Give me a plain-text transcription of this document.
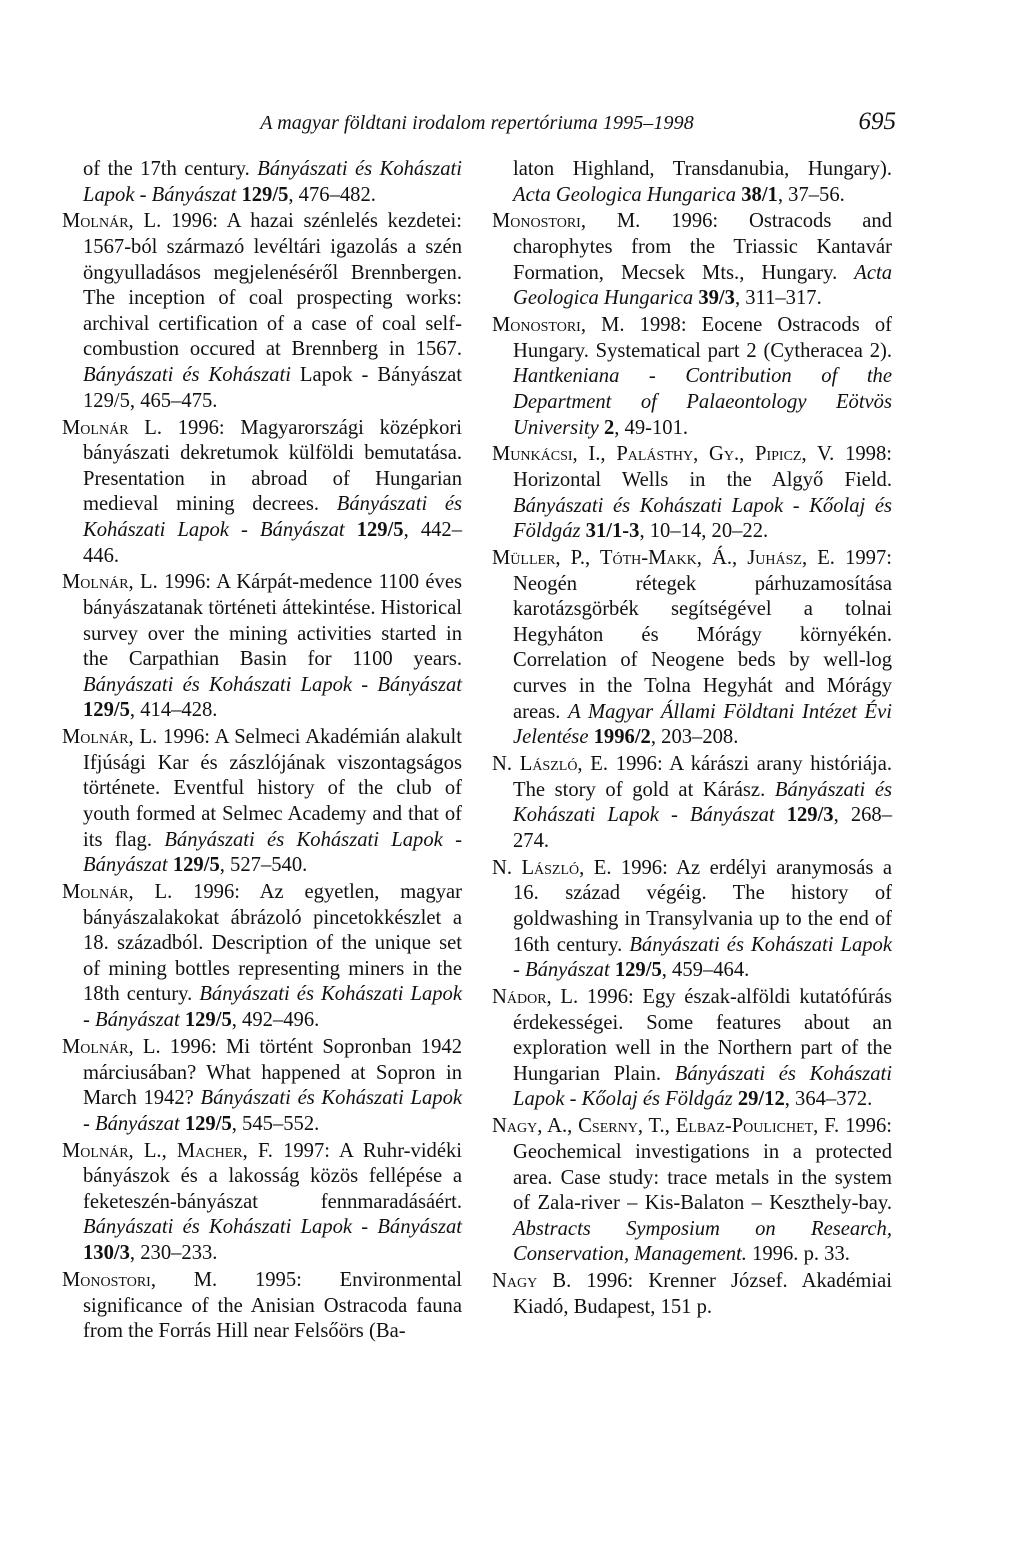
A magyar földtani irodalom repertóriuma 1995–1998	695

of the 17th century. Bányászati és Kohászati Lapok - Bányászat 129/5, 476–482.

Molnár, L. 1996: A hazai szénlelés kezdetei: 1567-ból származó levéltári igazolás a szén öngyulladásos megjelenéséről Brennbergen. The inception of coal prospecting works: archival certification of a case of coal self-combustion occured at Brennberg in 1567. Bányászati és Kohászati Lapok - Bányászat 129/5, 465–475.

Molnár L. 1996: Magyarországi középkori bányászati dekretumok külföldi bemutatása. Presentation in abroad of Hungarian medieval mining decrees. Bányászati és Kohászati Lapok - Bányászat 129/5, 442–446.

Molnár, L. 1996: A Kárpát-medence 1100 éves bányászatanak történeti áttekintése. Historical survey over the mining activities started in the Carpathian Basin for 1100 years. Bányászati és Kohászati Lapok - Bányászat 129/5, 414–428.

Molnár, L. 1996: A Selmeci Akadémián alakult Ifjúsági Kar és zászlójának viszontagságos története. Eventful history of the club of youth formed at Selmec Academy and that of its flag. Bányászati és Kohászati Lapok - Bányászat 129/5, 527–540.

Molnár, L. 1996: Az egyetlen, magyar bányászalakokat ábrázoló pincetokkészlet a 18. századból. Description of the unique set of mining bottles representing miners in the 18th century. Bányászati és Kohászati Lapok - Bányászat 129/5, 492–496.

Molnár, L. 1996: Mi történt Sopronban 1942 márciusában? What happened at Sopron in March 1942? Bányászati és Kohászati Lapok - Bányászat 129/5, 545–552.

Molnár, L., Macher, F. 1997: A Ruhr-vidéki bányászok és a lakosság közös fellépése a feketeszén-bányászat fennmaradásáért. Bányászati és Kohászati Lapok - Bányászat 130/3, 230–233.

Monostori, M. 1995: Environmental significance of the Anisian Ostracoda fauna from the Forrás Hill near Felsőörs (Ba-

laton Highland, Transdanubia, Hungary). Acta Geologica Hungarica 38/1, 37–56.

Monostori, M. 1996: Ostracods and charophytes from the Triassic Kantavár Formation, Mecsek Mts., Hungary. Acta Geologica Hungarica 39/3, 311–317.

Monostori, M. 1998: Eocene Ostracods of Hungary. Systematical part 2 (Cytheracea 2). Hantkeniana - Contribution of the Department of Palaeontology Eötvös University 2, 49-101.

Munkácsi, I., Palásthy, Gy., Pipicz, V. 1998: Horizontal Wells in the Algyő Field. Bányászati és Kohászati Lapok - Kőolaj és Földgáz 31/1-3, 10–14, 20–22.

Müller, P., Tóth-Makk, Á., Juhász, E. 1997: Neogén rétegek párhuzamosítása karotázsgörbék segítségével a tolnai Hegyháton és Mórágy környékén. Correlation of Neogene beds by well-log curves in the Tolna Hegyhát and Mórágy areas. A Magyar Állami Földtani Intézet Évi Jelentése 1996/2, 203–208.

N. László, E. 1996: A kárászi arany históriája. The story of gold at Kárász. Bányászati és Kohászati Lapok - Bányászat 129/3, 268–274.

N. László, E. 1996: Az erdélyi aranymosás a 16. század végéig. The history of goldwashing in Transylvania up to the end of 16th century. Bányászati és Kohászati Lapok - Bányászat 129/5, 459–464.

Nádor, L. 1996: Egy észak-alföldi kutatófúrás érdekességei. Some features about an exploration well in the Northern part of the Hungarian Plain. Bányászati és Kohászati Lapok - Kőolaj és Földgáz 29/12, 364–372.

Nagy, A., Cserny, T., Elbaz-Poulichet, F. 1996: Geochemical investigations in a protected area. Case study: trace metals in the system of Zala-river – Kis-Balaton – Keszthely-bay. Abstracts Symposium on Research, Conservation, Management. 1996. p. 33.

Nagy B. 1996: Krenner József. Akadémiai Kiadó, Budapest, 151 p.
